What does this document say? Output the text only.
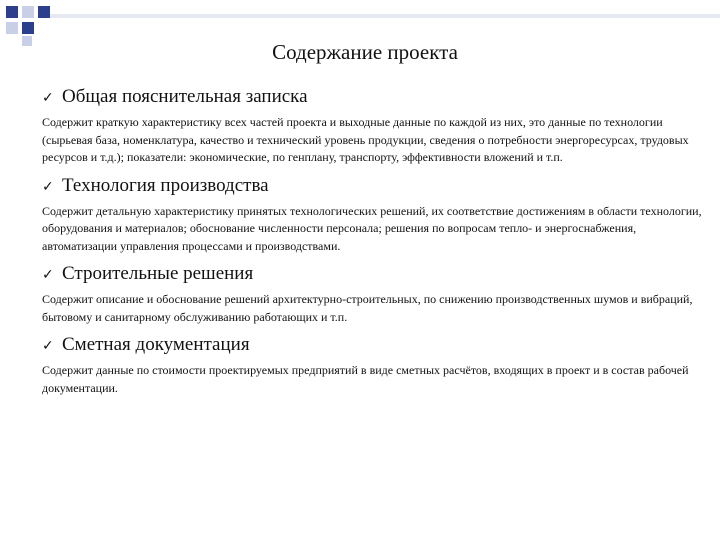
Содержание проекта
✓ Общая пояснительная записка

Содержит краткую характеристику всех частей проекта и выходные данные по каждой из них, это данные по технологии (сырьевая база, номенклатура, качество и технический уровень продукции, сведения о потребности энергоресурсах, трудовых ресурсов и т.д.); показатели: экономические, по генплану, транспорту, эффективности вложений и т.п.

✓ Технология производства

Содержит детальную характеристику принятых технологических решений, их соответствие достижениям в области технологии, оборудования и материалов; обоснование численности персонала; решения по вопросам тепло- и энергоснабжения, автоматизации управления процессами и производствами.

✓ Строительные решения

Содержит описание и обоснование решений архитектурно-строительных, по снижению производственных шумов и вибраций, бытовому и санитарному обслуживанию работающих и т.п.

✓ Сметная документация

Содержит данные по стоимости проектируемых предприятий в виде сметных расчётов, входящих в проект и в состав рабочей документации.
